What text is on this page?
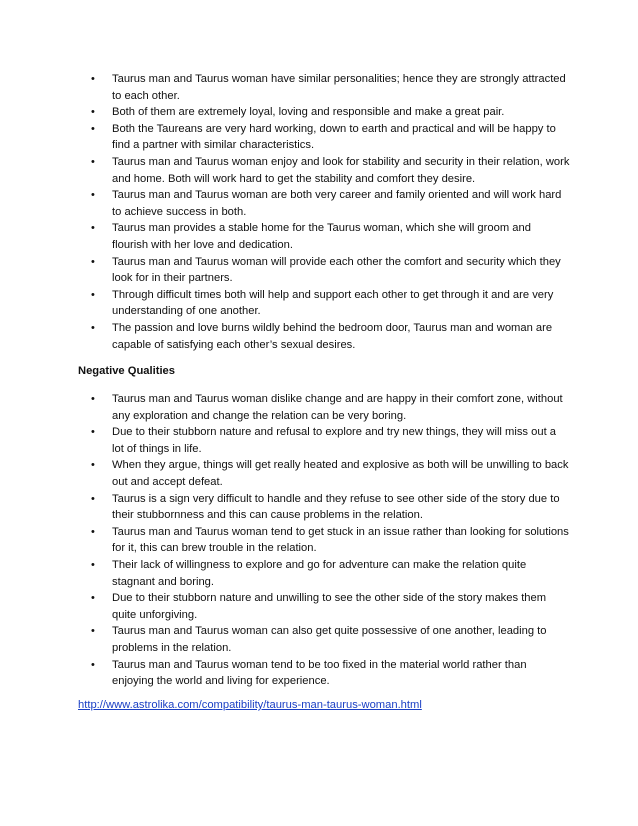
• Taurus man and Taurus woman have similar personalities; hence they are strongly attracted to each other.
• Both of them are extremely loyal, loving and responsible and make a great pair.
• Both the Taureans are very hard working, down to earth and practical and will be happy to find a partner with similar characteristics.
• Taurus man and Taurus woman enjoy and look for stability and security in their relation, work and home. Both will work hard to get the stability and comfort they desire.
• Taurus man and Taurus woman are both very career and family oriented and will work hard to achieve success in both.
• Taurus man provides a stable home for the Taurus woman, which she will groom and flourish with her love and dedication.
• Taurus man and Taurus woman will provide each other the comfort and security which they look for in their partners.
• Through difficult times both will help and support each other to get through it and are very understanding of one another.
• The passion and love burns wildly behind the bedroom door, Taurus man and woman are capable of satisfying each other’s sexual desires.
Negative Qualities
• Taurus man and Taurus woman dislike change and are happy in their comfort zone, without any exploration and change the relation can be very boring.
• Due to their stubborn nature and refusal to explore and try new things, they will miss out a lot of things in life.
• When they argue, things will get really heated and explosive as both will be unwilling to back out and accept defeat.
• Taurus is a sign very difficult to handle and they refuse to see other side of the story due to their stubbornness and this can cause problems in the relation.
• Taurus man and Taurus woman tend to get stuck in an issue rather than looking for solutions for it, this can brew trouble in the relation.
• Their lack of willingness to explore and go for adventure can make the relation quite stagnant and boring.
• Due to their stubborn nature and unwilling to see the other side of the story makes them quite unforgiving.
• Taurus man and Taurus woman can also get quite possessive of one another, leading to problems in the relation.
• Taurus man and Taurus woman tend to be too fixed in the material world rather than enjoying the world and living for experience.
http://www.astrolika.com/compatibility/taurus-man-taurus-woman.html
